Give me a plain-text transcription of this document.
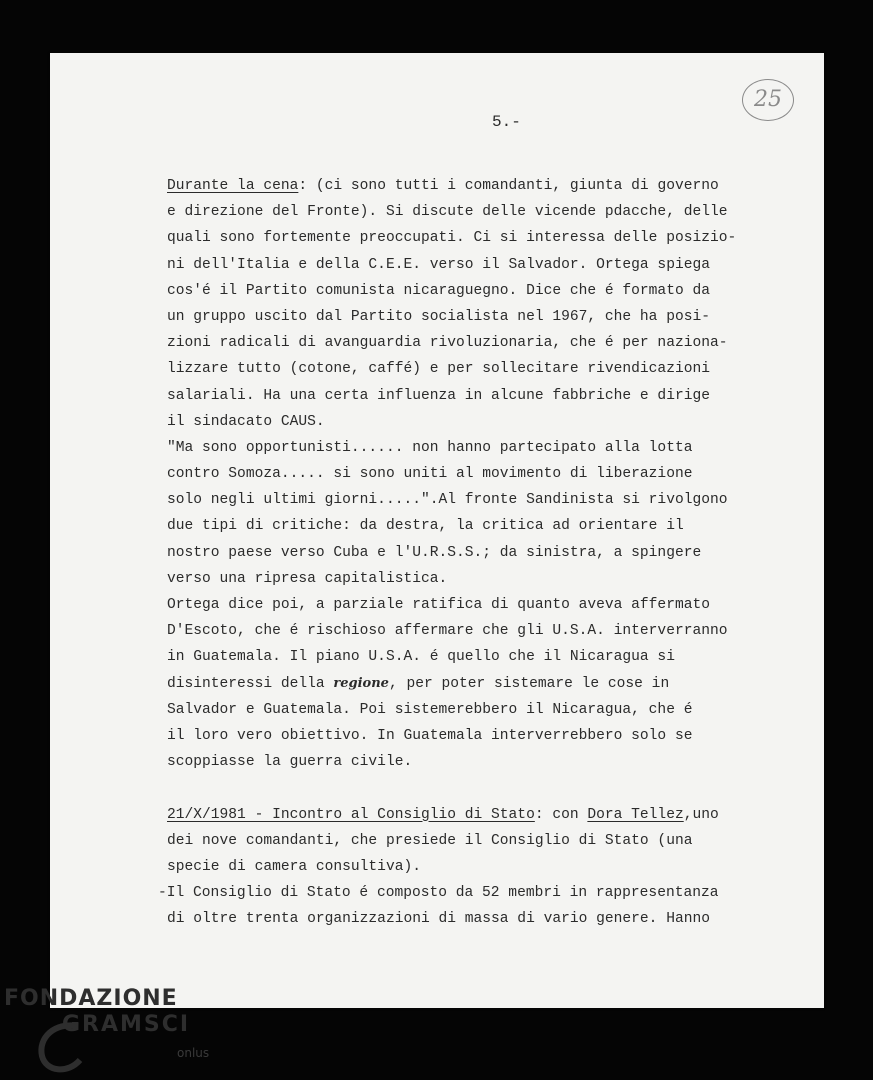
5.-
25
Durante la cena: (ci sono tutti i comandanti, giunta di governo
e direzione del Fronte). Si discute delle vicende pdacche, delle
quali sono fortemente preoccupati. Ci si interessa delle posizio-
ni dell'Italia e della C.E.E. verso il Salvador. Ortega spiega
cos'é il Partito comunista nicaraguegno. Dice che é formato da
un gruppo uscito dal Partito socialista nel 1967, che ha posi-
zioni radicali di avanguardia rivoluzionaria, che é per naziona-
lizzare tutto (cotone, caffé) e per sollecitare rivendicazioni
salariali. Ha una certa influenza in alcune fabbriche e dirige
il sindacato CAUS.
"Ma sono opportunisti...... non hanno partecipato alla lotta
contro Somoza..... si sono uniti al movimento di liberazione
solo negli ultimi giorni.....".Al fronte Sandinista si rivolgono
due tipi di critiche: da destra, la critica ad orientare il
nostro paese verso Cuba e l'U.R.S.S.; da sinistra, a spingere
verso una ripresa capitalistica.
Ortega dice poi, a parziale ratifica di quanto aveva affermato
D'Escoto, che é rischioso affermare che gli U.S.A. interverranno
in Guatemala. Il piano U.S.A. é quello che il Nicaragua si
disinteressi della regione, per poter sistemare le cose in
Salvador e Guatemala. Poi sistemerebbero il Nicaragua, che é
il loro vero obiettivo. In Guatemala interverrebbero solo se
scoppiasse la guerra civile.
21/X/1981 - Incontro al Consiglio di Stato: con Dora Tellez,uno
dei nove comandanti, che presiede il Consiglio di Stato (una
specie di camera consultiva).
-Il Consiglio di Stato é composto da 52 membri in rappresentanza
di oltre trenta organizzazioni di massa di vario genere. Hanno
FONDAZIONE
GRAMSCI
onlus
